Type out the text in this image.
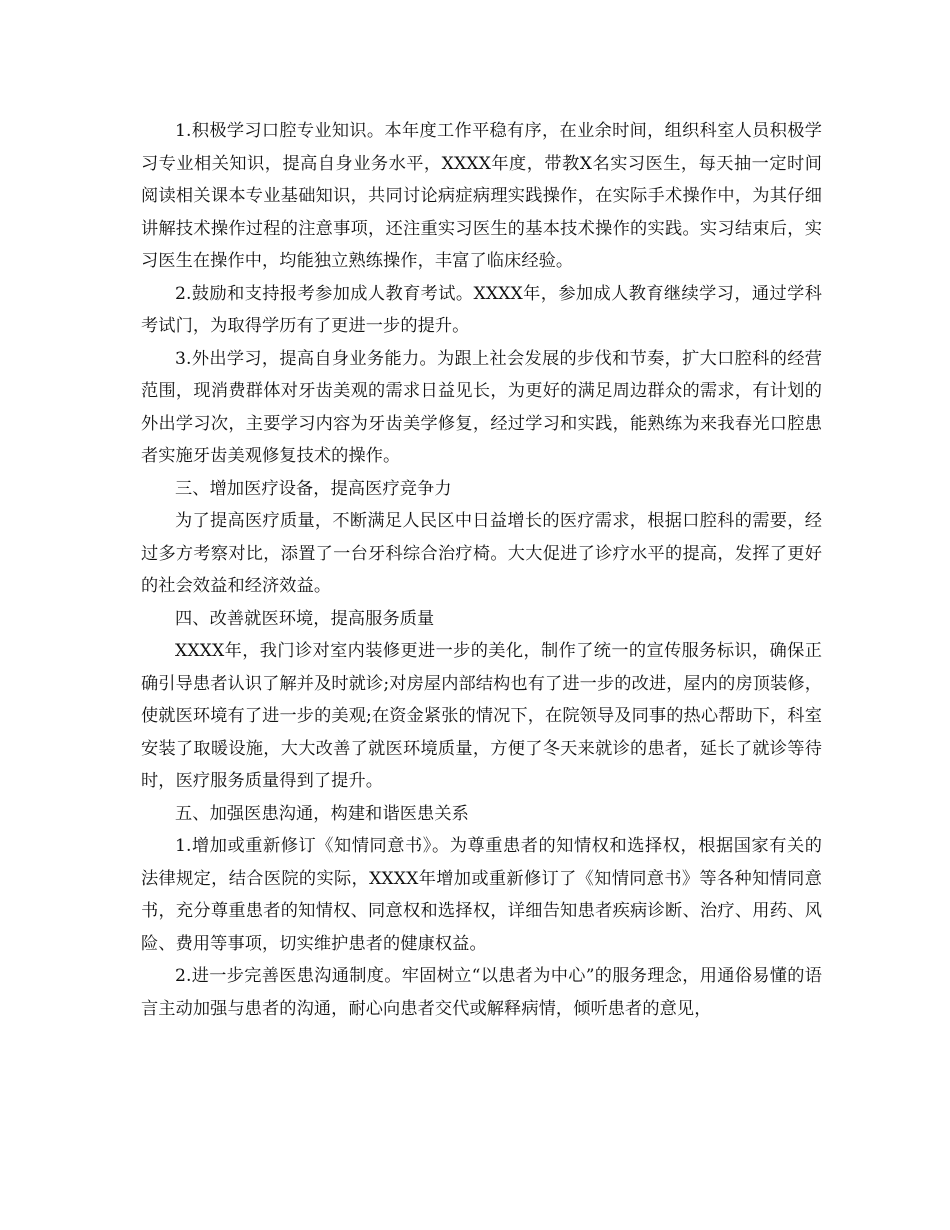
1.积极学习口腔专业知识。本年度工作平稳有序，在业余时间，组织科室人员积极学习专业相关知识，提高自身业务水平，XXXX年度，带教X名实习医生，每天抽一定时间阅读相关课本专业基础知识，共同讨论病症病理实践操作，在实际手术操作中，为其仔细讲解技术操作过程的注意事项，还注重实习医生的基本技术操作的实践。实习结束后，实习医生在操作中，均能独立熟练操作，丰富了临床经验。

2.鼓励和支持报考参加成人教育考试。XXXX年，参加成人教育继续学习，通过学科考试门，为取得学历有了更进一步的提升。

3.外出学习，提高自身业务能力。为跟上社会发展的步伐和节奏，扩大口腔科的经营范围，现消费群体对牙齿美观的需求日益见长，为更好的满足周边群众的需求，有计划的外出学习次，主要学习内容为牙齿美学修复，经过学习和实践，能熟练为来我春光口腔患者实施牙齿美观修复技术的操作。

三、增加医疗设备，提高医疗竞争力

为了提高医疗质量，不断满足人民区中日益增长的医疗需求，根据口腔科的需要，经过多方考察对比，添置了一台牙科综合治疗椅。大大促进了诊疗水平的提高，发挥了更好的社会效益和经济效益。

四、改善就医环境，提高服务质量

XXXX年，我门诊对室内装修更进一步的美化，制作了统一的宣传服务标识，确保正确引导患者认识了解并及时就诊;对房屋内部结构也有了进一步的改进，屋内的房顶装修，使就医环境有了进一步的美观;在资金紧张的情况下，在院领导及同事的热心帮助下，科室安装了取暖设施，大大改善了就医环境质量，方便了冬天来就诊的患者，延长了就诊等待时，医疗服务质量得到了提升。

五、加强医患沟通，构建和谐医患关系

1.增加或重新修订《知情同意书》。为尊重患者的知情权和选择权，根据国家有关的法律规定，结合医院的实际，XXXX年增加或重新修订了《知情同意书》等各种知情同意书，充分尊重患者的知情权、同意权和选择权，详细告知患者疾病诊断、治疗、用药、风险、费用等事项，切实维护患者的健康权益。

2.进一步完善医患沟通制度。牢固树立“以患者为中心”的服务理念，用通俗易懂的语言主动加强与患者的沟通，耐心向患者交代或解释病情，倾听患者的意见，
